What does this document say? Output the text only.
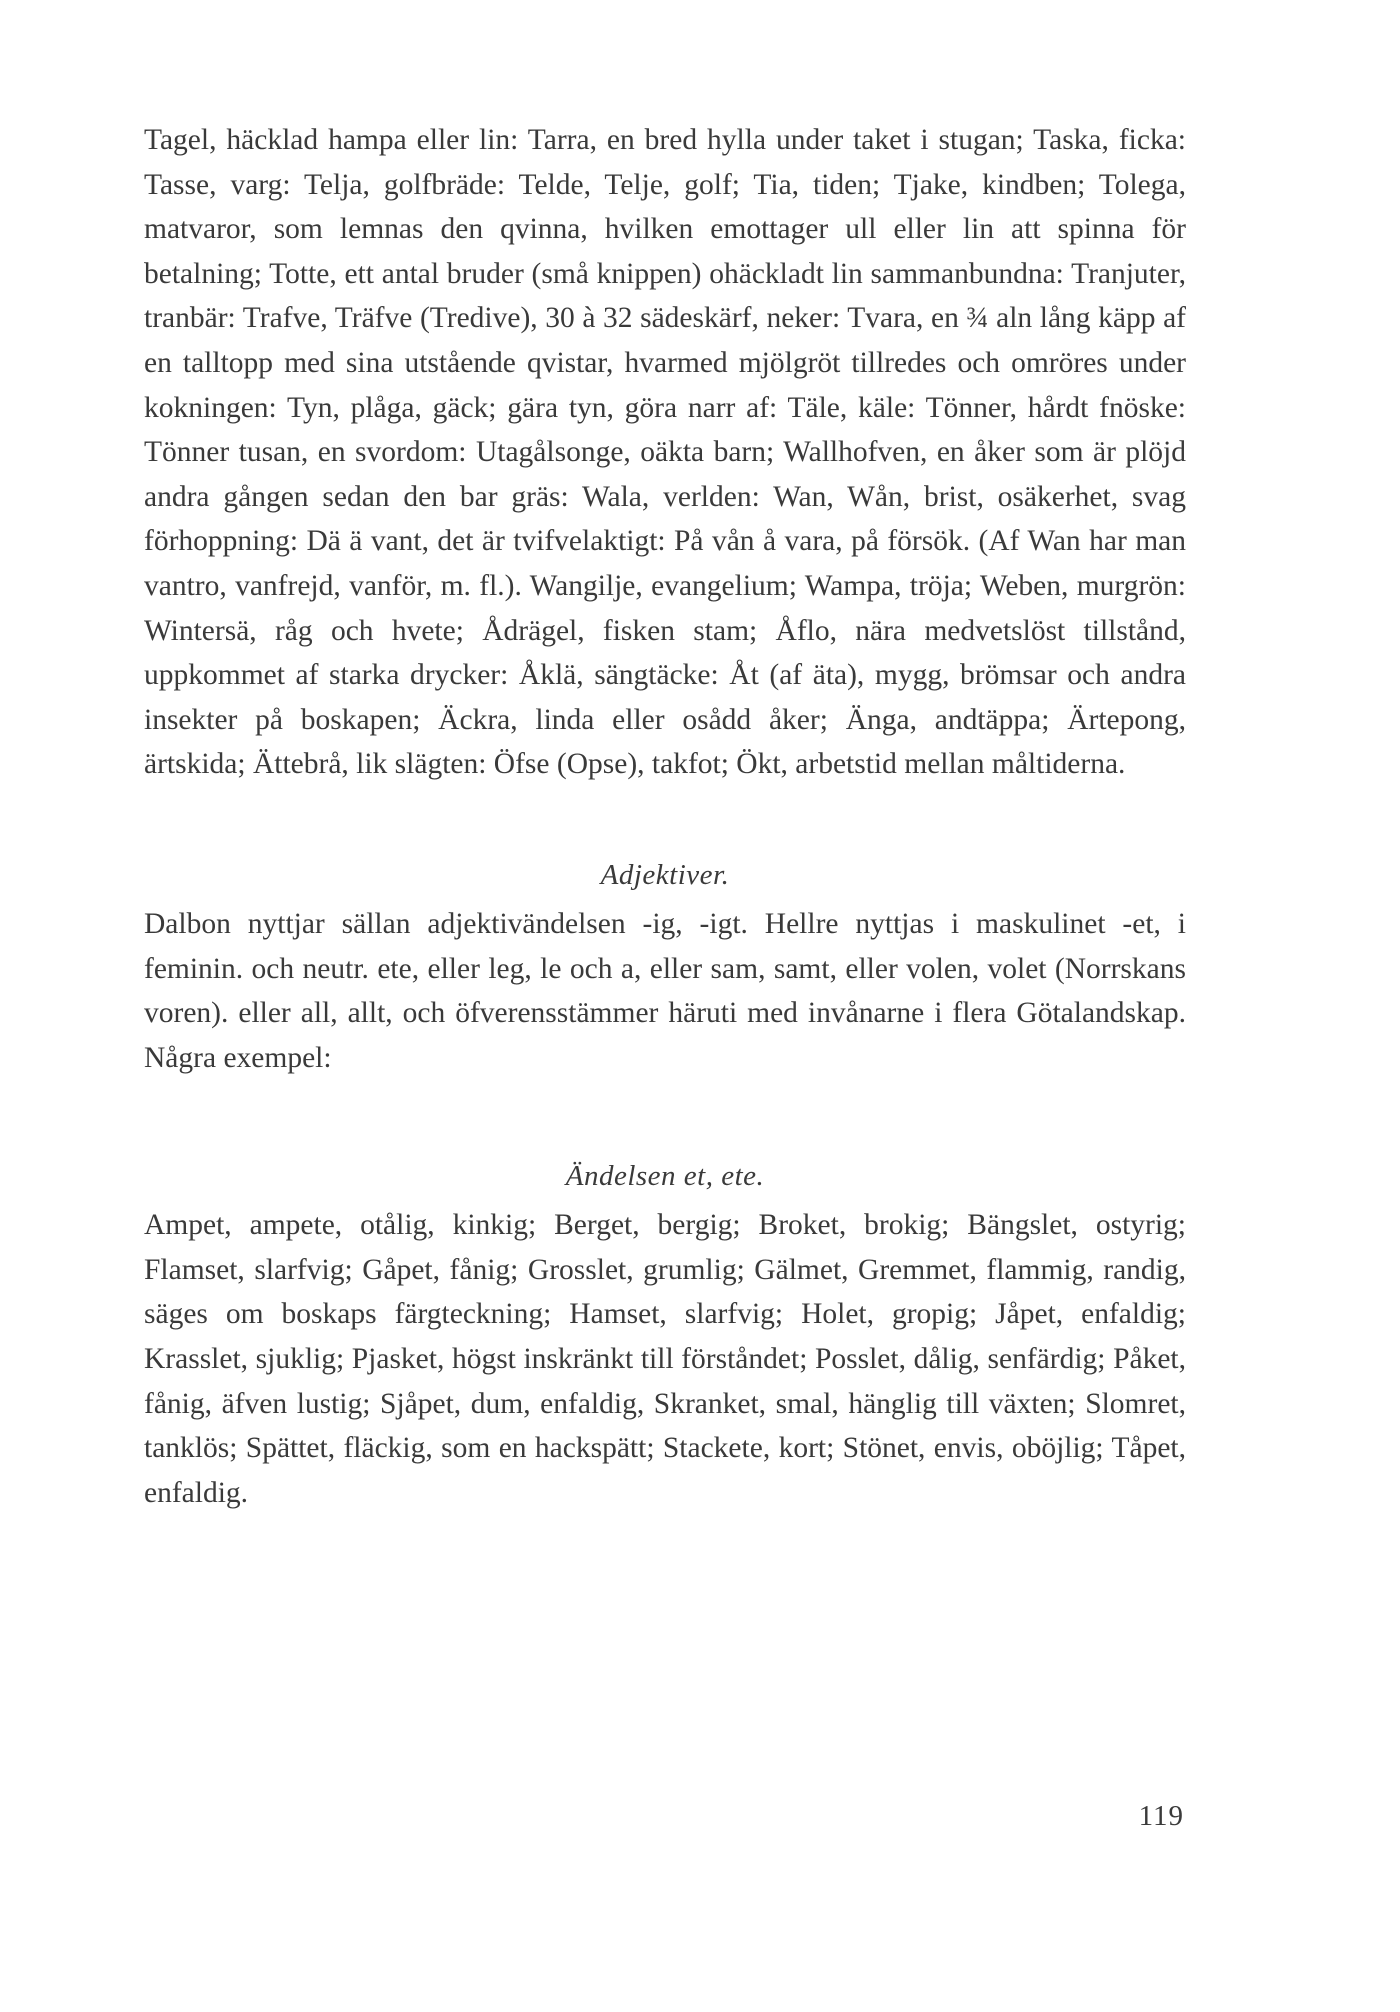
Tagel, häcklad hampa eller lin: Tarra, en bred hylla under taket i stugan; Taska, ficka: Tasse, varg: Telja, golfbräde: Telde, Telje, golf; Tia, tiden; Tjake, kindben; Tolega, matvaror, som lemnas den qvinna, hvilken emottager ull eller lin att spinna för betalning; Totte, ett antal bruder (små knippen) ohäckladt lin sammanbundna: Tranjuter, tranbär: Trafve, Träfve (Tredive), 30 à 32 sädeskärf, neker: Tvara, en ¾ aln lång käpp af en talltopp med sina utstående qvistar, hvarmed mjölgröt tillredes och omröres under kokningen: Tyn, plåga, gäck; gära tyn, göra narr af: Täle, käle: Tönner, hårdt fnöske: Tönner tusan, en svordom: Utagålsonge, oäkta barn; Wallhofven, en åker som är plöjd andra gången sedan den bar gräs: Wala, verlden: Wan, Wån, brist, osäkerhet, svag förhoppning: Dä ä vant, det är tvifvelaktigt: På vån å vara, på försök. (Af Wan har man vantro, vanfrejd, vanför, m. fl.). Wangilje, evangelium; Wampa, tröja; Weben, murgrön: Wintersä, råg och hvete; Ådrägel, fisken stam; Åflo, nära medvetslöst tillstånd, uppkommet af starka drycker: Åklä, sängtäcke: Åt (af äta), mygg, brömsar och andra insekter på boskapen; Äckra, linda eller osådd åker; Änga, andtäppa; Ärtepong, ärtskida; Ättebrå, lik slägten: Öfse (Opse), takfot; Ökt, arbetstid mellan måltiderna.

Adjektiver.

Dalbon nyttjar sällan adjektivändelsen -ig, -igt. Hellre nyttjas i maskulinet -et, i feminin. och neutr. ete, eller leg, le och a, eller sam, samt, eller volen, volet (Norrskans voren). eller all, allt, och öfverensstämmer häruti med invånarne i flera Götalandskap. Några exempel:

Ändelsen et, ete.

Ampet, ampete, otålig, kinkig; Berget, bergig; Broket, brokig; Bängslet, ostyrig; Flamset, slarfvig; Gåpet, fånig; Grosslet, grumlig; Gälmet, Gremmet, flammig, randig, säges om boskaps färgteckning; Hamset, slarfvig; Holet, gropig; Jåpet, enfaldig; Krasslet, sjuklig; Pjasket, högst inskränkt till förståndet; Posslet, dålig, senfärdig; Påket, fånig, äfven lustig; Sjåpet, dum, enfaldig, Skranket, smal, hänglig till växten; Slomret, tanklös; Spättet, fläckig, som en hackspätt; Stackete, kort; Stönet, envis, oböjlig; Tåpet, enfaldig.

119
